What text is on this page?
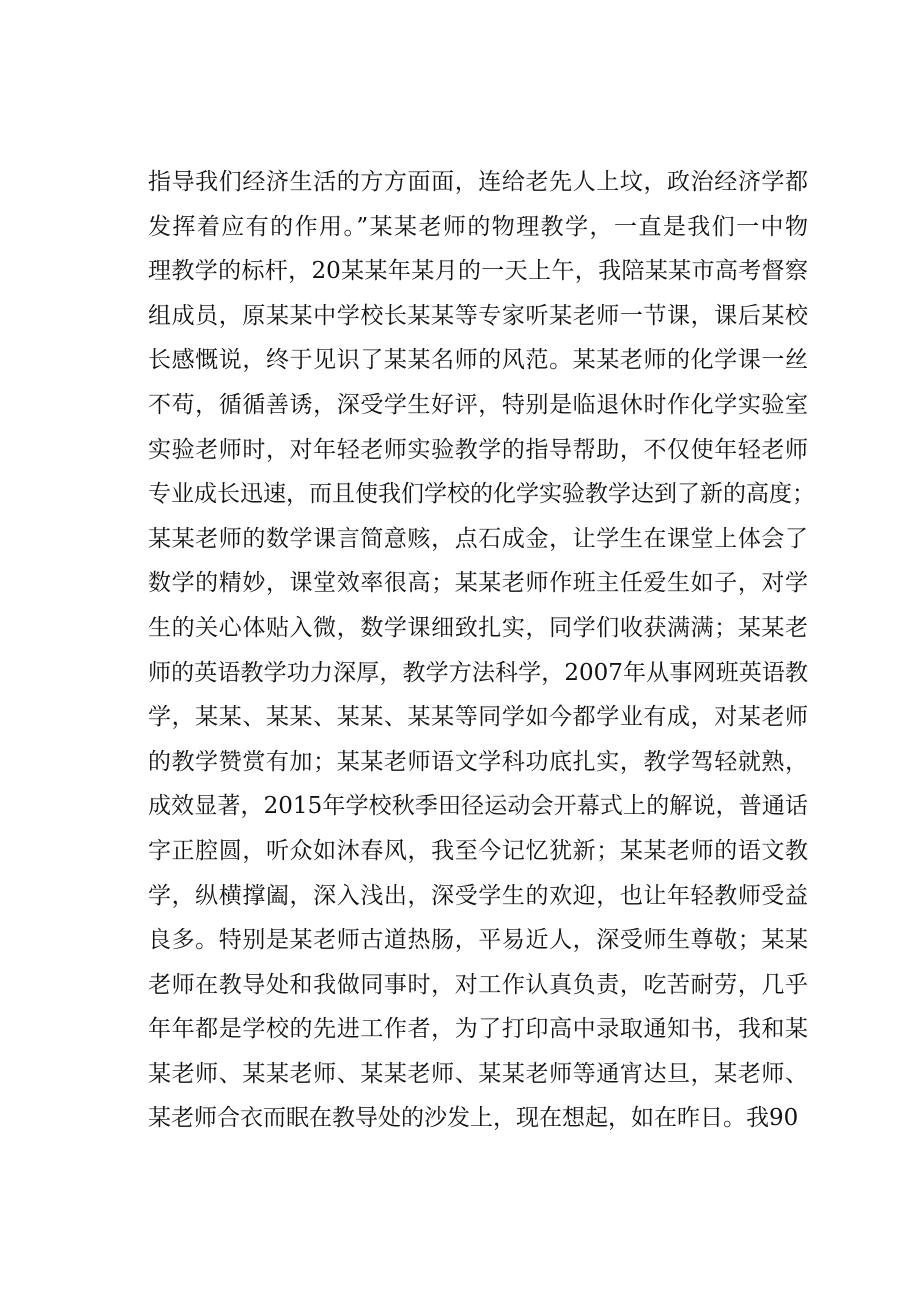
指导我们经济生活的方方面面，连给老先人上坟，政治经济学都
发挥着应有的作用。”某某老师的物理教学，一直是我们一中物
理教学的标杆，20某某年某月的一天上午，我陪某某市高考督察
组成员，原某某中学校长某某等专家听某老师一节课，课后某校
长感慨说，终于见识了某某名师的风范。某某老师的化学课一丝
不苟，循循善诱，深受学生好评，特别是临退休时作化学实验室
实验老师时，对年轻老师实验教学的指导帮助，不仅使年轻老师
专业成长迅速，而且使我们学校的化学实验教学达到了新的高度；
某某老师的数学课言简意赅，点石成金，让学生在课堂上体会了
数学的精妙，课堂效率很高；某某老师作班主任爱生如子，对学
生的关心体贴入微，数学课细致扎实，同学们收获满满；某某老
师的英语教学功力深厚，教学方法科学，2007年从事网班英语教
学，某某、某某、某某、某某等同学如今都学业有成，对某老师
的教学赞赏有加；某某老师语文学科功底扎实，教学驾轻就熟，
成效显著，2015年学校秋季田径运动会开幕式上的解说，普通话
字正腔圆，听众如沐春风，我至今记忆犹新；某某老师的语文教
学，纵横撑阖，深入浅出，深受学生的欢迎，也让年轻教师受益
良多。特别是某老师古道热肠，平易近人，深受师生尊敬；某某
老师在教导处和我做同事时，对工作认真负责，吃苦耐劳，几乎
年年都是学校的先进工作者，为了打印高中录取通知书，我和某
某老师、某某老师、某某老师、某某老师等通宵达旦，某老师、
某老师合衣而眠在教导处的沙发上，现在想起，如在昨日。我90
